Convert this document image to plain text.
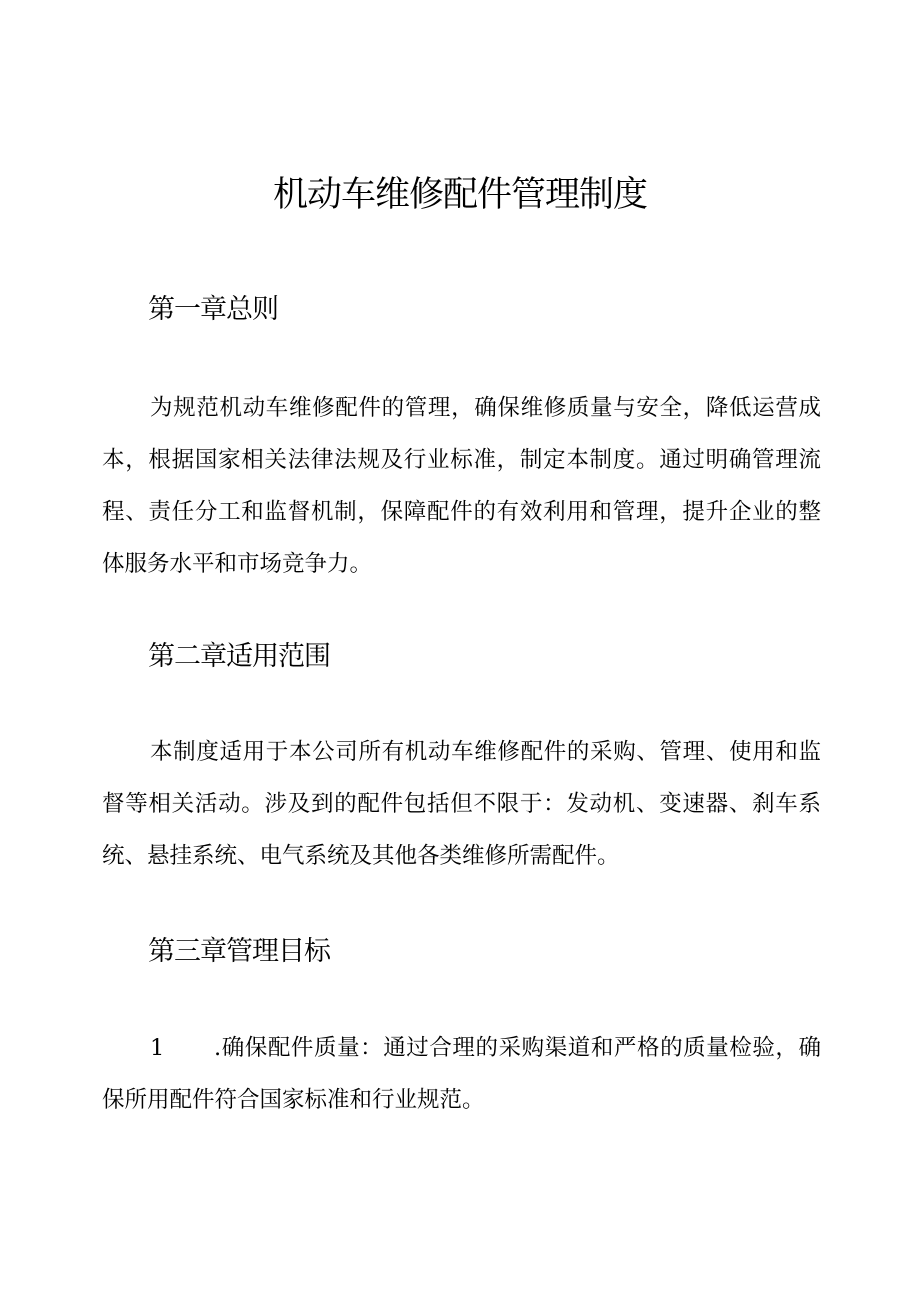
机动车维修配件管理制度
第一章总则

为规范机动车维修配件的管理，确保维修质量与安全，降低运营成本，根据国家相关法律法规及行业标准，制定本制度。通过明确管理流程、责任分工和监督机制，保障配件的有效利用和管理，提升企业的整体服务水平和市场竞争力。

第二章适用范围

本制度适用于本公司所有机动车维修配件的采购、管理、使用和监督等相关活动。涉及到的配件包括但不限于：发动机、变速器、刹车系统、悬挂系统、电气系统及其他各类维修所需配件。

第三章管理目标

1 .确保配件质量：通过合理的采购渠道和严格的质量检验，确保所用配件符合国家标准和行业规范。
